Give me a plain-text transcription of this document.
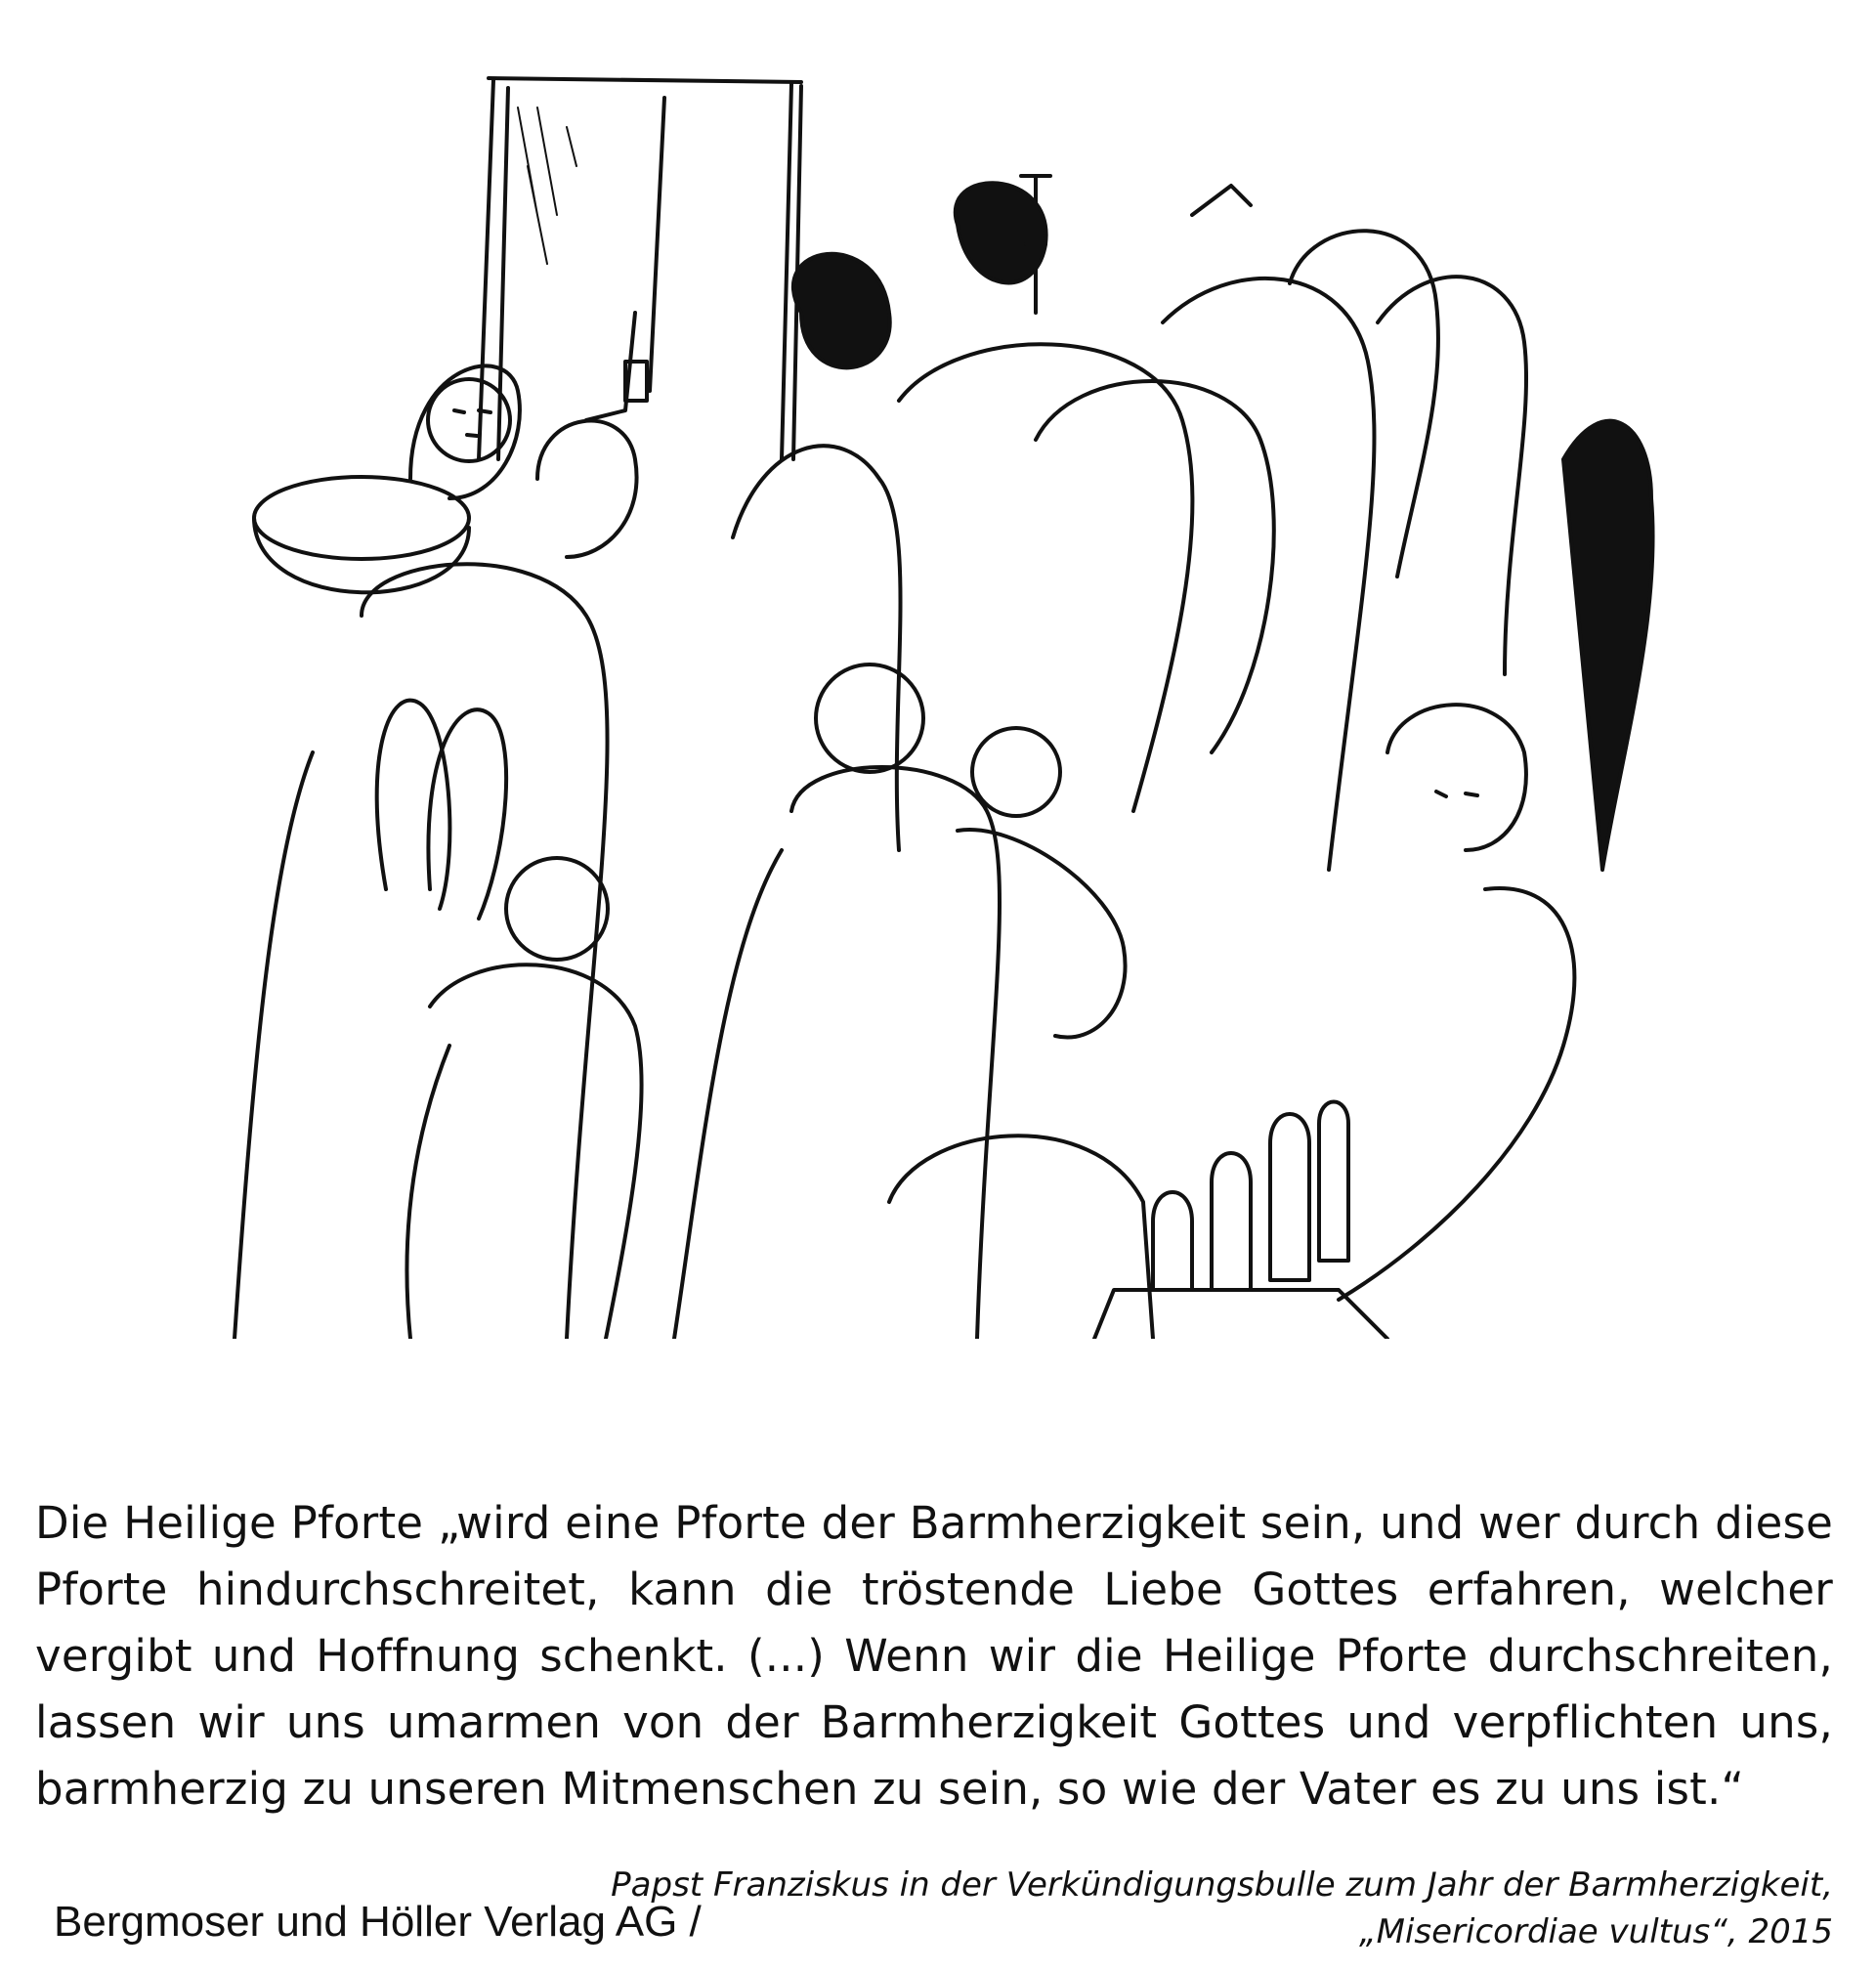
Die Heilige Pforte „wird eine Pforte der Barmherzigkeit sein, und wer durch diese
Pforte hindurchschreitet, kann die tröstende Liebe Gottes erfahren, welcher
vergibt und Hoffnung schenkt. (...) Wenn wir die Heilige Pforte durchschreiten,
lassen wir uns umarmen von der Barmherzigkeit Gottes und verpflichten uns,
barmherzig zu unseren Mitmenschen zu sein, so wie der Vater es zu uns ist.“
Papst Franziskus in der Verkündigungsbulle zum Jahr der Barmherzigkeit,
„Misericordiae vultus“, 2015
Bergmoser und Höller Verlag AG /
